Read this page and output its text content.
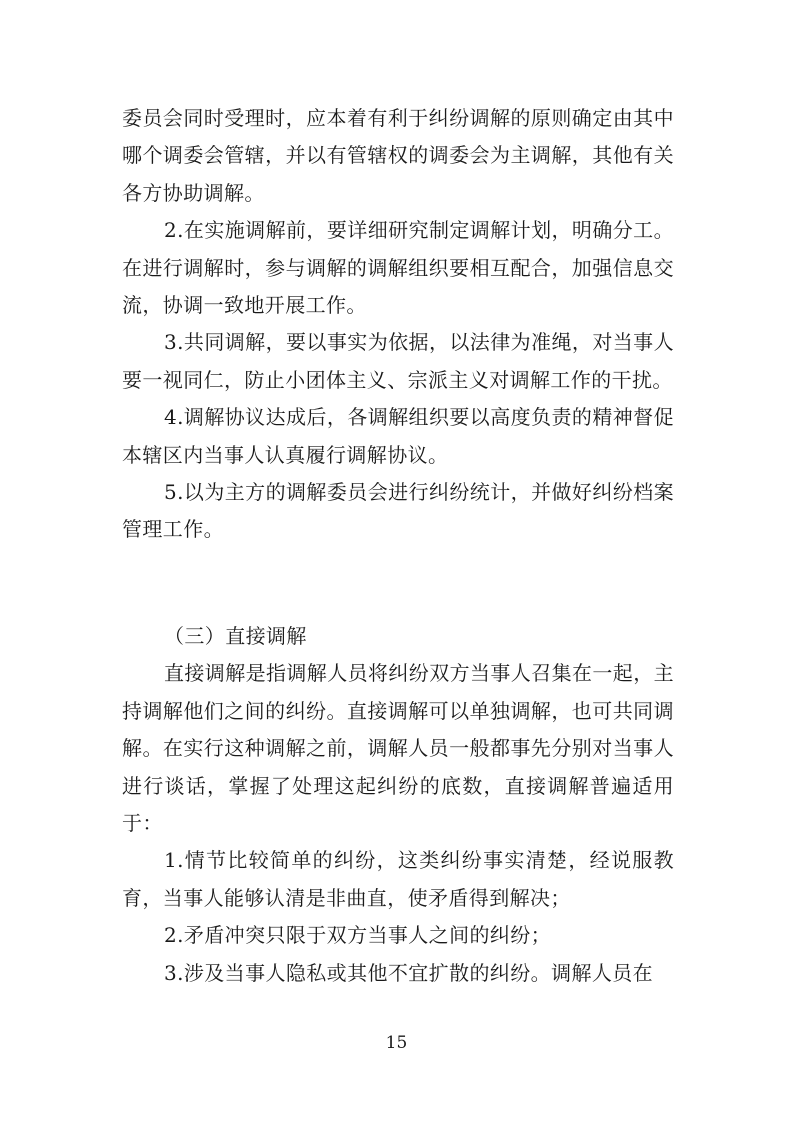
委员会同时受理时，应本着有利于纠纷调解的原则确定由其中哪个调委会管辖，并以有管辖权的调委会为主调解，其他有关各方协助调解。

2.在实施调解前，要详细研究制定调解计划，明确分工。在进行调解时，参与调解的调解组织要相互配合，加强信息交流，协调一致地开展工作。

3.共同调解，要以事实为依据，以法律为准绳，对当事人要一视同仁，防止小团体主义、宗派主义对调解工作的干扰。

4.调解协议达成后，各调解组织要以高度负责的精神督促本辖区内当事人认真履行调解协议。

5.以为主方的调解委员会进行纠纷统计，并做好纠纷档案管理工作。

（三）直接调解

直接调解是指调解人员将纠纷双方当事人召集在一起，主持调解他们之间的纠纷。直接调解可以单独调解，也可共同调解。在实行这种调解之前，调解人员一般都事先分别对当事人进行谈话，掌握了处理这起纠纷的底数，直接调解普遍适用于：

1.情节比较简单的纠纷，这类纠纷事实清楚，经说服教育，当事人能够认清是非曲直，使矛盾得到解决；

2.矛盾冲突只限于双方当事人之间的纠纷；

3.涉及当事人隐私或其他不宜扩散的纠纷。调解人员在

15
